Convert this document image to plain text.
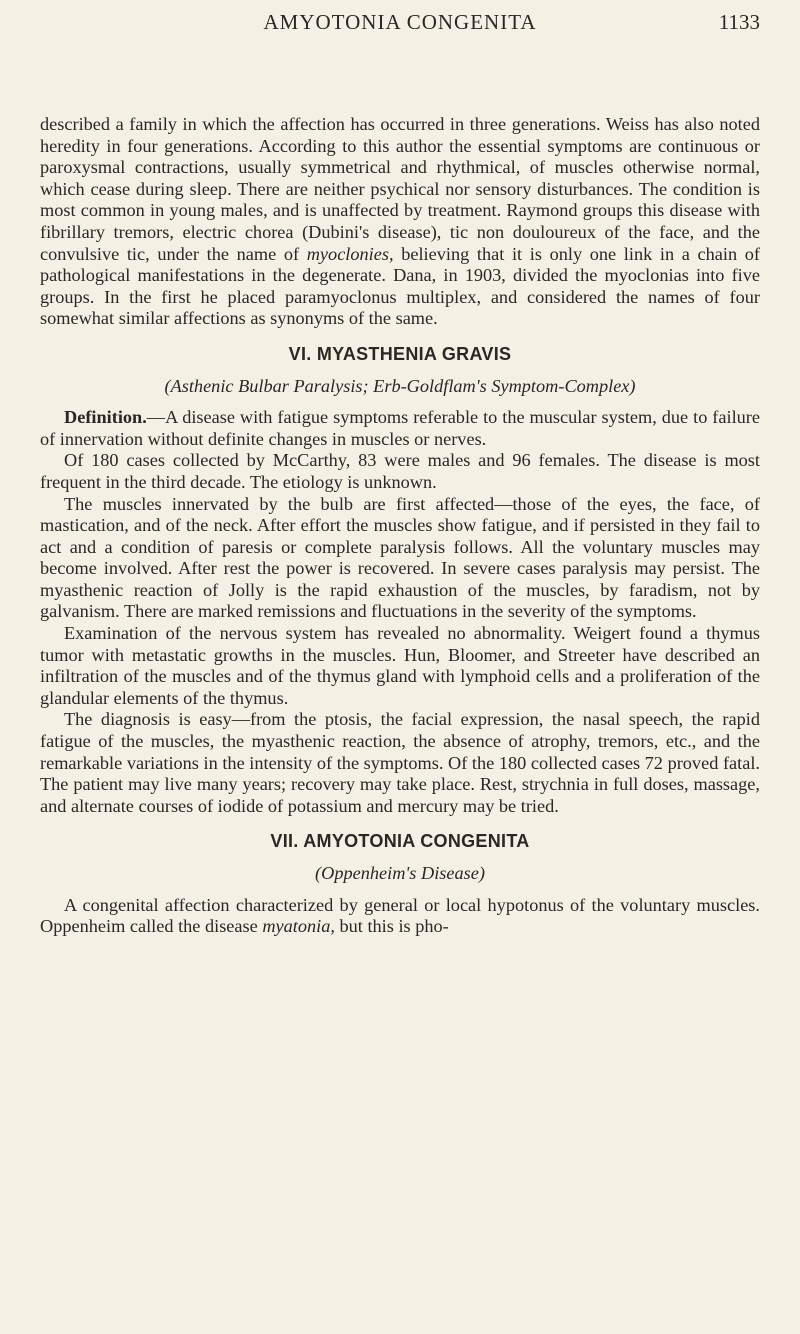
AMYOTONIA CONGENITA	1133

described a family in which the affection has occurred in three generations. Weiss has also noted heredity in four generations. According to this author the essential symptoms are continuous or paroxysmal contractions, usually symmetrical and rhythmical, of muscles otherwise normal, which cease during sleep. There are neither psychical nor sensory disturbances. The condition is most common in young males, and is unaffected by treatment. Raymond groups this disease with fibrillary tremors, electric chorea (Dubini's disease), tic non douloureux of the face, and the convulsive tic, under the name of myoclonies, believing that it is only one link in a chain of pathological manifestations in the degenerate. Dana, in 1903, divided the myoclonias into five groups. In the first he placed paramyoclonus multiplex, and considered the names of four somewhat similar affections as synonyms of the same.

VI. MYASTHENIA GRAVIS
(Asthenic Bulbar Paralysis; Erb-Goldflam's Symptom-Complex)

Definition.—A disease with fatigue symptoms referable to the muscular system, due to failure of innervation without definite changes in muscles or nerves.

Of 180 cases collected by McCarthy, 83 were males and 96 females. The disease is most frequent in the third decade. The etiology is unknown.

The muscles innervated by the bulb are first affected—those of the eyes, the face, of mastication, and of the neck. After effort the muscles show fatigue, and if persisted in they fail to act and a condition of paresis or complete paralysis follows. All the voluntary muscles may become involved. After rest the power is recovered. In severe cases paralysis may persist. The myasthenic reaction of Jolly is the rapid exhaustion of the muscles, by faradism, not by galvanism. There are marked remissions and fluctuations in the severity of the symptoms.

Examination of the nervous system has revealed no abnormality. Weigert found a thymus tumor with metastatic growths in the muscles. Hun, Bloomer, and Streeter have described an infiltration of the muscles and of the thymus gland with lymphoid cells and a proliferation of the glandular elements of the thymus.

The diagnosis is easy—from the ptosis, the facial expression, the nasal speech, the rapid fatigue of the muscles, the myasthenic reaction, the absence of atrophy, tremors, etc., and the remarkable variations in the intensity of the symptoms. Of the 180 collected cases 72 proved fatal. The patient may live many years; recovery may take place. Rest, strychnia in full doses, massage, and alternate courses of iodide of potassium and mercury may be tried.

VII. AMYOTONIA CONGENITA
(Oppenheim's Disease)

A congenital affection characterized by general or local hypotonus of the voluntary muscles. Oppenheim called the disease myatonia, but this is pho-
